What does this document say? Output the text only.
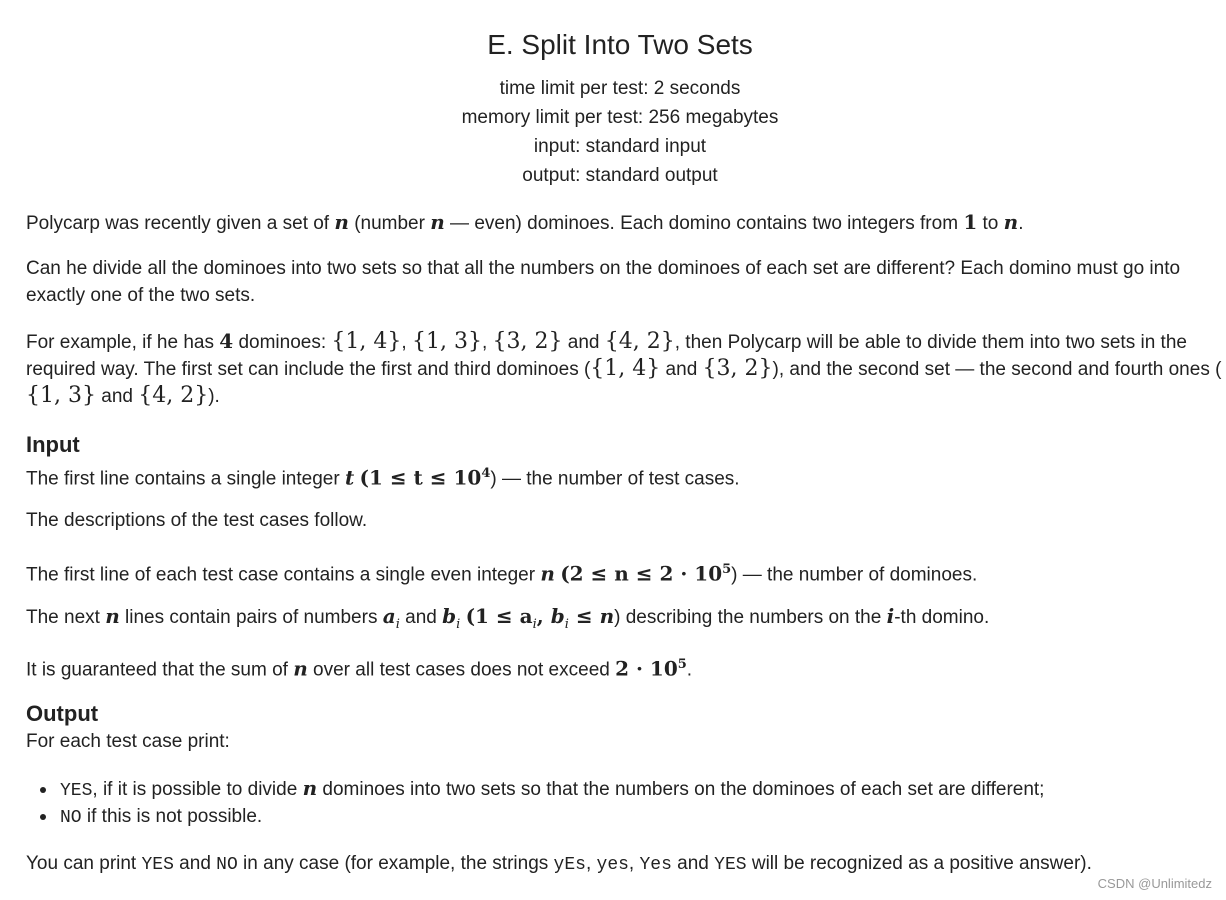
E. Split Into Two Sets
time limit per test: 2 seconds
memory limit per test: 256 megabytes
input: standard input
output: standard output
Polycarp was recently given a set of n (number n — even) dominoes. Each domino contains two integers from 1 to n.
Can he divide all the dominoes into two sets so that all the numbers on the dominoes of each set are different? Each domino must go into
exactly one of the two sets.
For example, if he has 4 dominoes: {1, 4}, {1, 3}, {3, 2} and {4, 2}, then Polycarp will be able to divide them into two sets in the
required way. The first set can include the first and third dominoes ({1, 4} and {3, 2}), and the second set — the second and fourth ones (
{1, 3} and {4, 2}).
Input
The first line contains a single integer t $(1 \le t \le 10^4)$ — the number of test cases.
The descriptions of the test cases follow.
The first line of each test case contains a single even integer n $(2 \le n \le 2 \cdot 10^5)$ — the number of dominoes.
The next n lines contain pairs of numbers $a_i$ and $b_i$ ($1 \le a_i$, $b_i \le n$) describing the numbers on the i-th domino.
It is guaranteed that the sum of n over all test cases does not exceed $2 \cdot 10^5$.
Output
For each test case print:
YES, if it is possible to divide n dominoes into two sets so that the numbers on the dominoes of each set are different;
NO if this is not possible.
You can print YES and NO in any case (for example, the strings yEs, yes, Yes and YES will be recognized as a positive answer).
CSDN @Unlimitedz
